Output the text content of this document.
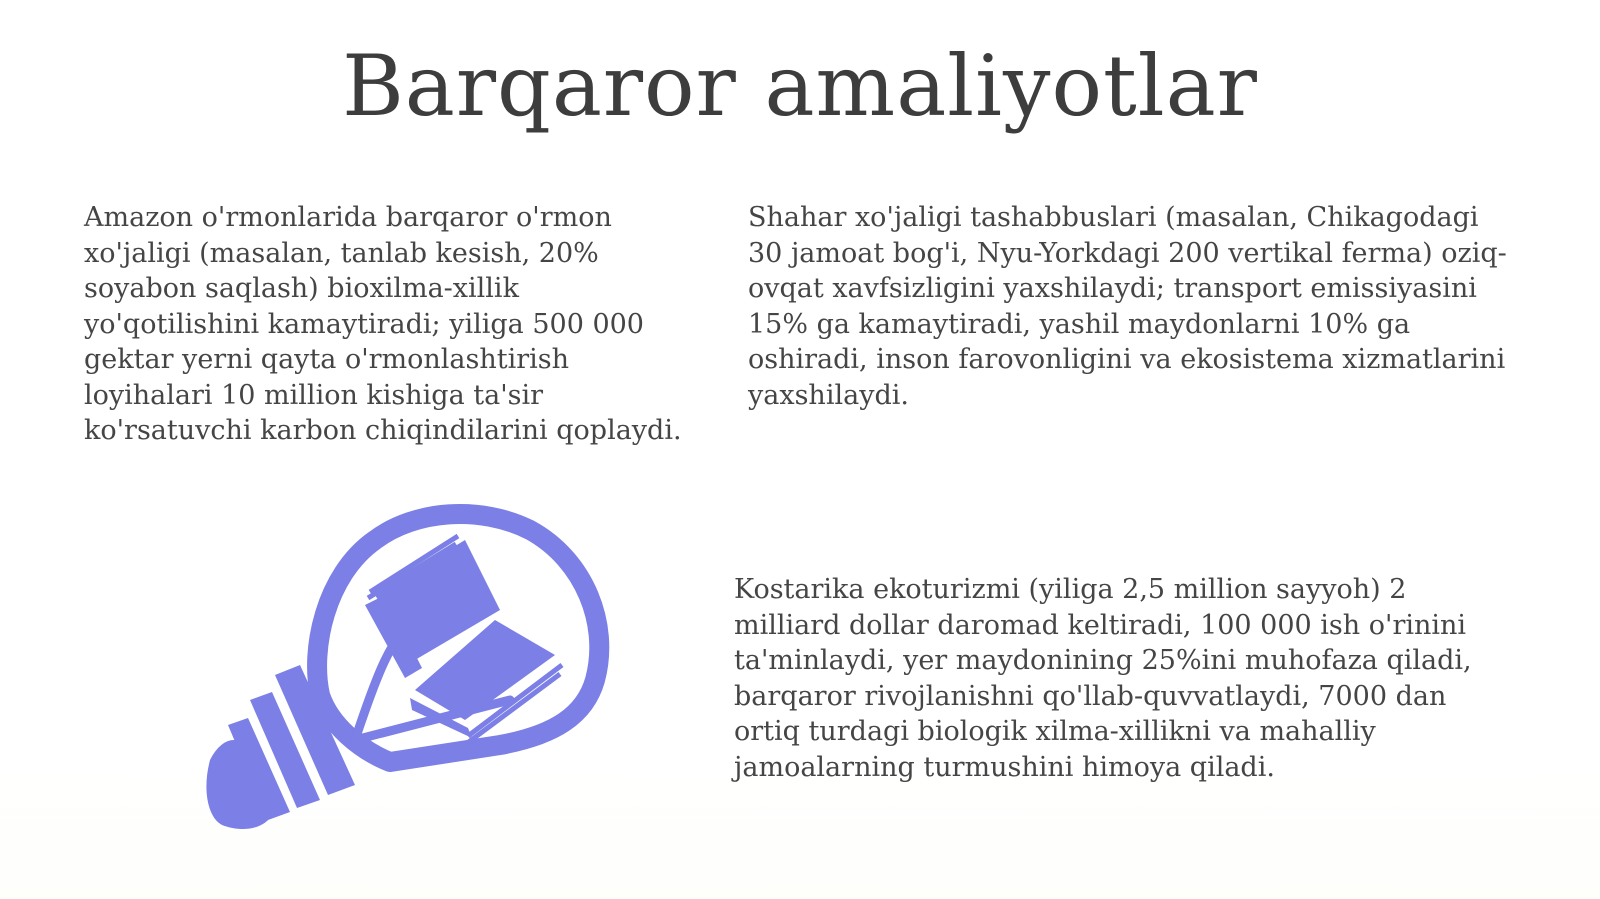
Barqaror amaliyotlar

Amazon o'rmonlarida barqaror o'rmon xo'jaligi (masalan, tanlab kesish, 20% soyabon saqlash) bioxilma-xillik yo'qotilishini kamaytiradi; yiliga 500 000 gektar yerni qayta o'rmonlashtirish loyihalari 10 million kishiga ta'sir ko'rsatuvchi karbon chiqindilarini qoplaydi.

Shahar xo'jaligi tashabbuslari (masalan, Chikagodagi 30 jamoat bog'i, Nyu-Yorkdagi 200 vertikal ferma) oziq-ovqat xavfsizligini yaxshilaydi; transport emissiyasini 15% ga kamaytiradi, yashil maydonlarni 10% ga oshiradi, inson farovonligini va ekosistema xizmatlarini yaxshilaydi.

Kostarika ekoturizmi (yiliga 2,5 million sayyoh) 2 milliard dollar daromad keltiradi, 100 000 ish o'rinini ta'minlaydi, yer maydonining 25%ini muhofaza qiladi, barqaror rivojlanishni qo'llab-quvvatlaydi, 7000 dan ortiq turdagi biologik xilma-xillikni va mahalliy jamoalarning turmushini himoya qiladi.
